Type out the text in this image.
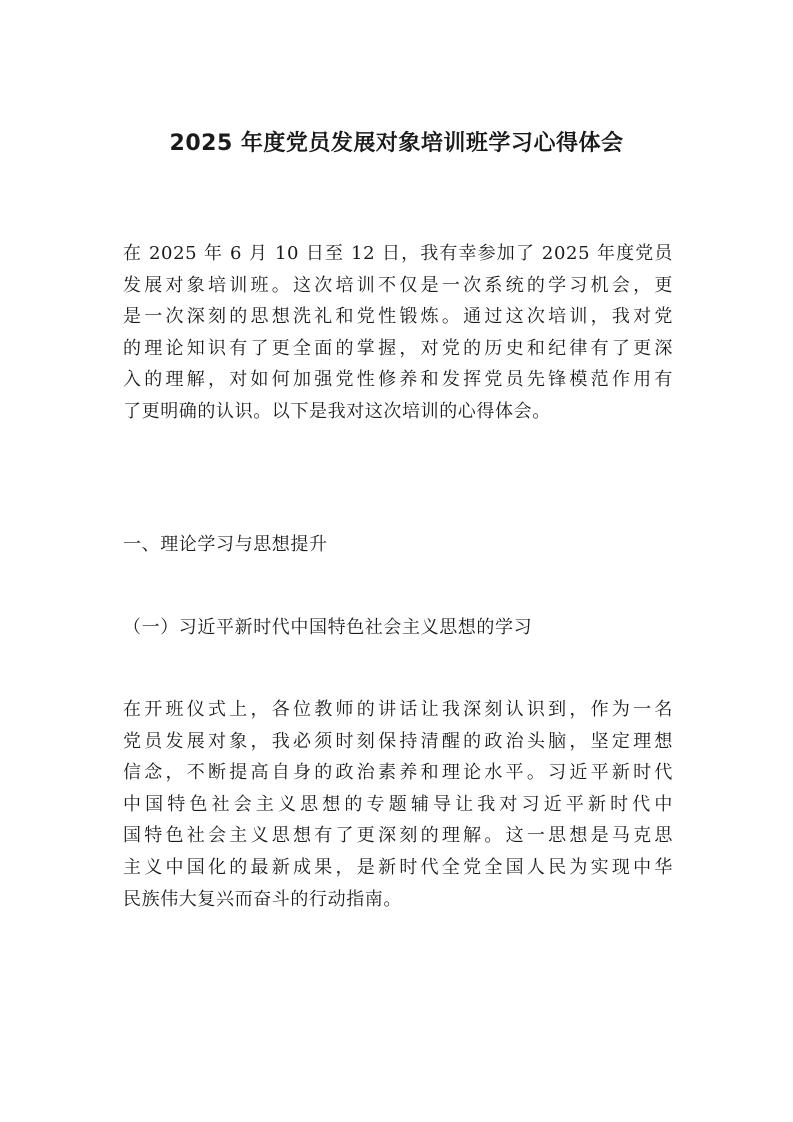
2025 年度党员发展对象培训班学习心得体会
在 2025 年 6 月 10 日至 12 日，我有幸参加了 2025 年度党员
发展对象培训班。这次培训不仅是一次系统的学习机会，更
是一次深刻的思想洗礼和党性锻炼。通过这次培训，我对党
的理论知识有了更全面的掌握，对党的历史和纪律有了更深
入的理解，对如何加强党性修养和发挥党员先锋模范作用有
了更明确的认识。以下是我对这次培训的心得体会。
一、理论学习与思想提升
（一）习近平新时代中国特色社会主义思想的学习
在开班仪式上，各位教师的讲话让我深刻认识到，作为一名
党员发展对象，我必须时刻保持清醒的政治头脑，坚定理想
信念，不断提高自身的政治素养和理论水平。习近平新时代
中国特色社会主义思想的专题辅导让我对习近平新时代中
国特色社会主义思想有了更深刻的理解。这一思想是马克思
主义中国化的最新成果，是新时代全党全国人民为实现中华
民族伟大复兴而奋斗的行动指南。
